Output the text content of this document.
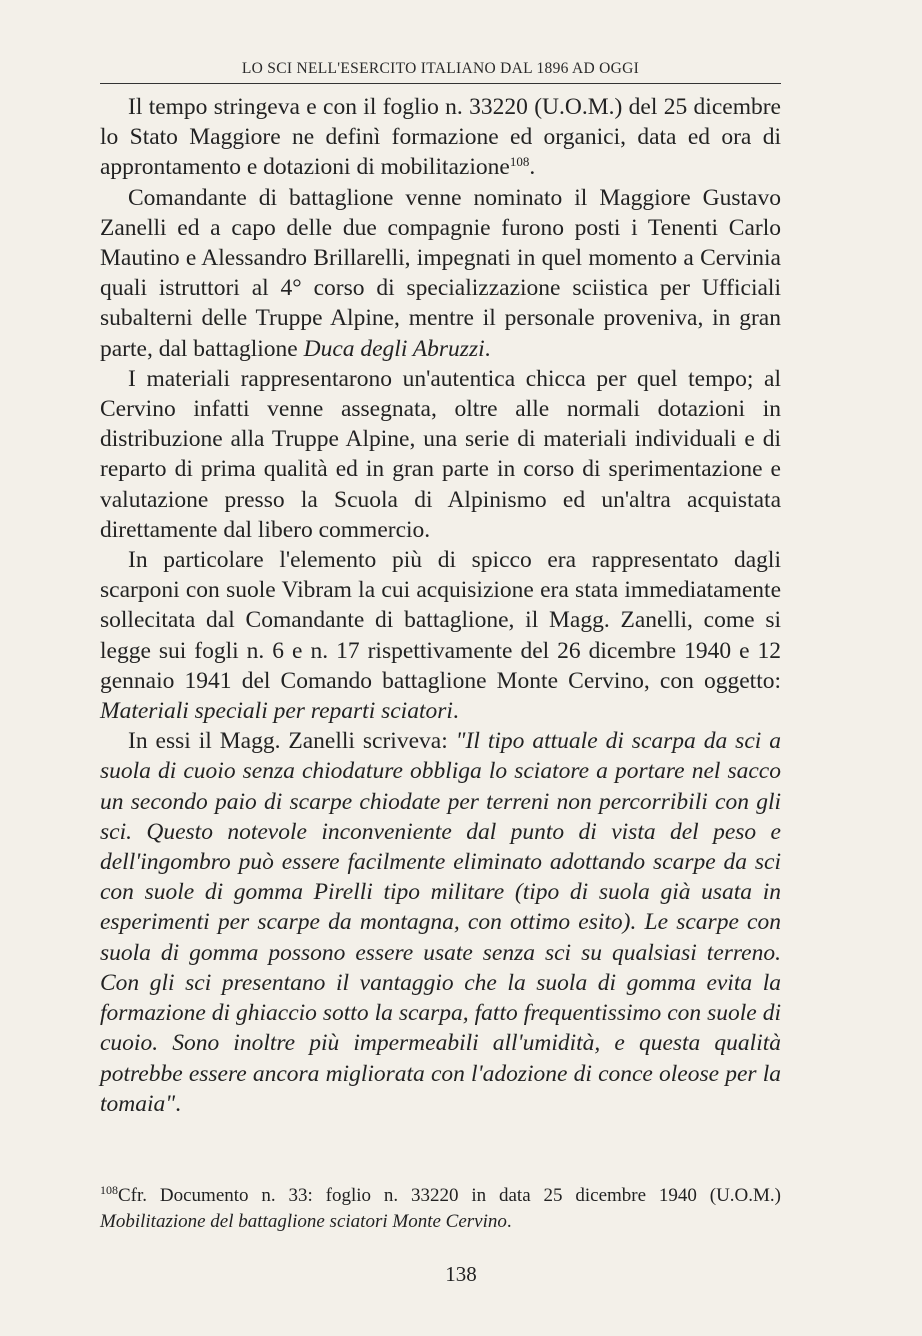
LO SCI NELL'ESERCITO ITALIANO DAL 1896 AD OGGI

Il tempo stringeva e con il foglio n. 33220 (U.O.M.) del 25 dicembre lo Stato Maggiore ne definì formazione ed organici, data ed ora di approntamento e dotazioni di mobilitazione$^{108}$.

Comandante di battaglione venne nominato il Maggiore Gustavo Zanelli ed a capo delle due compagnie furono posti i Tenenti Carlo Mautino e Alessandro Brillarelli, impegnati in quel momento a Cervinia quali istruttori al 4° corso di specializzazione sciistica per Ufficiali subalterni delle Truppe Alpine, mentre il personale proveniva, in gran parte, dal battaglione Duca degli Abruzzi.

I materiali rappresentarono un'autentica chicca per quel tempo; al Cervino infatti venne assegnata, oltre alle normali dotazioni in distribuzione alla Truppe Alpine, una serie di materiali individuali e di reparto di prima qualità ed in gran parte in corso di sperimentazione e valutazione presso la Scuola di Alpinismo ed un'altra acquistata direttamente dal libero commercio.

In particolare l'elemento più di spicco era rappresentato dagli scarponi con suole Vibram la cui acquisizione era stata immediatamente sollecitata dal Comandante di battaglione, il Magg. Zanelli, come si legge sui fogli n. 6 e n. 17 rispettivamente del 26 dicembre 1940 e 12 gennaio 1941 del Comando battaglione Monte Cervino, con oggetto: Materiali speciali per reparti sciatori.

In essi il Magg. Zanelli scriveva: "Il tipo attuale di scarpa da sci a suola di cuoio senza chiodature obbliga lo sciatore a portare nel sacco un secondo paio di scarpe chiodate per terreni non percorribili con gli sci. Questo notevole inconveniente dal punto di vista del peso e dell'ingombro può essere facilmente eliminato adottando scarpe da sci con suole di gomma Pirelli tipo militare (tipo di suola già usata in esperimenti per scarpe da montagna, con ottimo esito). Le scarpe con suola di gomma possono essere usate senza sci su qualsiasi terreno. Con gli sci presentano il vantaggio che la suola di gomma evita la formazione di ghiaccio sotto la scarpa, fatto frequentissimo con suole di cuoio. Sono inoltre più impermeabili all'umidità, e questa qualità potrebbe essere ancora migliorata con l'adozione di conce oleose per la tomaia".

$^{108}$Cfr. Documento n. 33: foglio n. 33220 in data 25 dicembre 1940 (U.O.M.) Mobilitazione del battaglione sciatori Monte Cervino.
138
